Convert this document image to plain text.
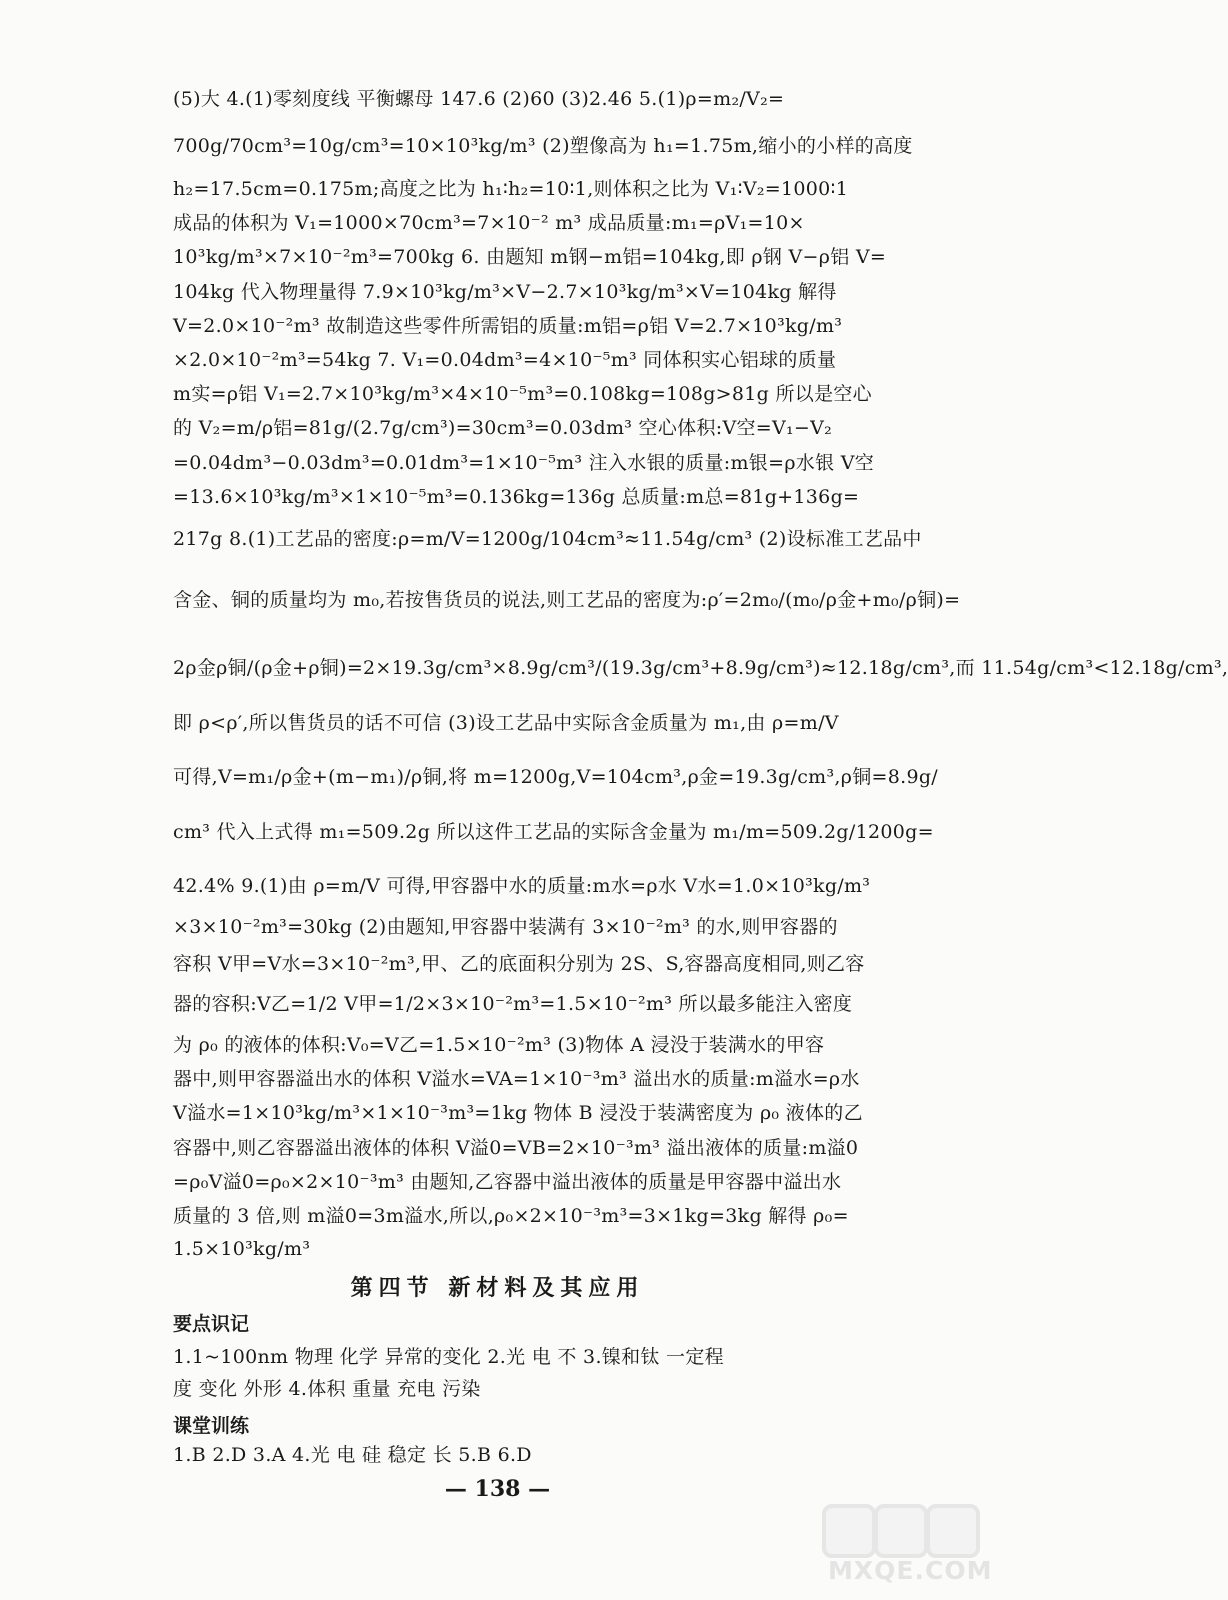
(5)大 4.(1)零刻度线 平衡螺母 147.6 (2)60 (3)2.46 5.(1)ρ=m₂/V₂=
700g/70cm³=10g/cm³=10×10³kg/m³ (2)塑像高为 h₁=1.75m,缩小的小样的高度
h₂=17.5cm=0.175m;高度之比为 h₁∶h₂=10∶1,则体积之比为 V₁∶V₂=1000∶1
成品的体积为 V₁=1000×70cm³=7×10⁻² m³ 成品质量:m₁=ρV₁=10×
10³kg/m³×7×10⁻²m³=700kg 6. 由题知 m钢−m铝=104kg,即 ρ钢 V−ρ铝 V=
104kg 代入物理量得 7.9×10³kg/m³×V−2.7×10³kg/m³×V=104kg 解得
V=2.0×10⁻²m³ 故制造这些零件所需铝的质量:m铝=ρ铝 V=2.7×10³kg/m³
×2.0×10⁻²m³=54kg 7. V₁=0.04dm³=4×10⁻⁵m³ 同体积实心铝球的质量
m实=ρ铝 V₁=2.7×10³kg/m³×4×10⁻⁵m³=0.108kg=108g>81g 所以是空心
的 V₂=m/ρ铝=81g/(2.7g/cm³)=30cm³=0.03dm³ 空心体积:V空=V₁−V₂
=0.04dm³−0.03dm³=0.01dm³=1×10⁻⁵m³ 注入水银的质量:m银=ρ水银 V空
=13.6×10³kg/m³×1×10⁻⁵m³=0.136kg=136g 总质量:m总=81g+136g=
217g 8.(1)工艺品的密度:ρ=m/V=1200g/104cm³≈11.54g/cm³ (2)设标准工艺品中
含金、铜的质量均为 m₀,若按售货员的说法,则工艺品的密度为:ρ′=2m₀/(m₀/ρ金+m₀/ρ铜)=
2ρ金ρ铜/(ρ金+ρ铜)=2×19.3g/cm³×8.9g/cm³/(19.3g/cm³+8.9g/cm³)≈12.18g/cm³,而 11.54g/cm³<12.18g/cm³,
即 ρ<ρ′,所以售货员的话不可信 (3)设工艺品中实际含金质量为 m₁,由 ρ=m/V
可得,V=m₁/ρ金+(m−m₁)/ρ铜,将 m=1200g,V=104cm³,ρ金=19.3g/cm³,ρ铜=8.9g/
cm³ 代入上式得 m₁=509.2g 所以这件工艺品的实际含金量为 m₁/m=509.2g/1200g=
42.4% 9.(1)由 ρ=m/V 可得,甲容器中水的质量:m水=ρ水 V水=1.0×10³kg/m³
×3×10⁻²m³=30kg (2)由题知,甲容器中装满有 3×10⁻²m³ 的水,则甲容器的
容积 V甲=V水=3×10⁻²m³,甲、乙的底面积分别为 2S、S,容器高度相同,则乙容
器的容积:V乙=1/2 V甲=1/2×3×10⁻²m³=1.5×10⁻²m³ 所以最多能注入密度
为 ρ₀ 的液体的体积:V₀=V乙=1.5×10⁻²m³ (3)物体 A 浸没于装满水的甲容
器中,则甲容器溢出水的体积 V溢水=VA=1×10⁻³m³ 溢出水的质量:m溢水=ρ水
V溢水=1×10³kg/m³×1×10⁻³m³=1kg 物体 B 浸没于装满密度为 ρ₀ 液体的乙
容器中,则乙容器溢出液体的体积 V溢0=VB=2×10⁻³m³ 溢出液体的质量:m溢0
=ρ₀V溢0=ρ₀×2×10⁻³m³ 由题知,乙容器中溢出液体的质量是甲容器中溢出水
质量的 3 倍,则 m溢0=3m溢水,所以,ρ₀×2×10⁻³m³=3×1kg=3kg 解得 ρ₀=
1.5×10³kg/m³
第四节 新材料及其应用
要点识记
1.1~100nm 物理 化学 异常的变化 2.光 电 不 3.镍和钛 一定程
度 变化 外形 4.体积 重量 充电 污染
课堂训练
1.B 2.D 3.A 4.光 电 硅 稳定 长 5.B 6.D
— 138 —
MXQE.COM
